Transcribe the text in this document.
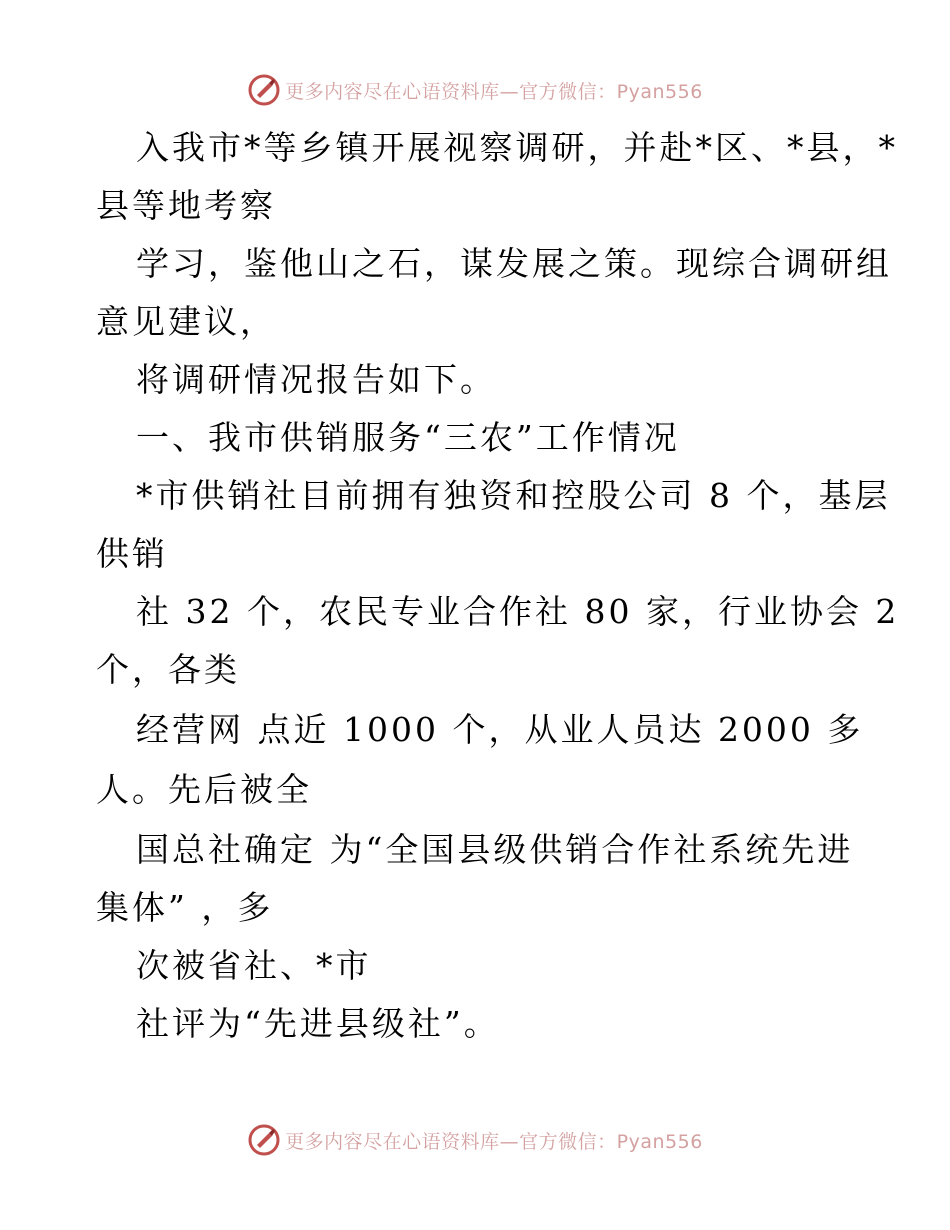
更多内容尽在心语资料库—官方微信：Pyan556
入我市*等乡镇开展视察调研，并赴*区、*县，*
县等地考察
学习，鉴他山之石，谋发展之策。现综合调研组
意见建议，
将调研情况报告如下。
一、我市供销服务“三农”工作情况
*市供销社目前拥有独资和控股公司 8 个，基层
供销
社 32 个，农民专业合作社 80 家，行业协会 2
个，各类
经营网 点近 1000 个，从业人员达 2000 多
人。先后被全
国总社确定 为“全国县级供销合作社系统先进
集体” ，多
次被省社、*市
社评为“先进县级社”。
更多内容尽在心语资料库—官方微信：Pyan556
